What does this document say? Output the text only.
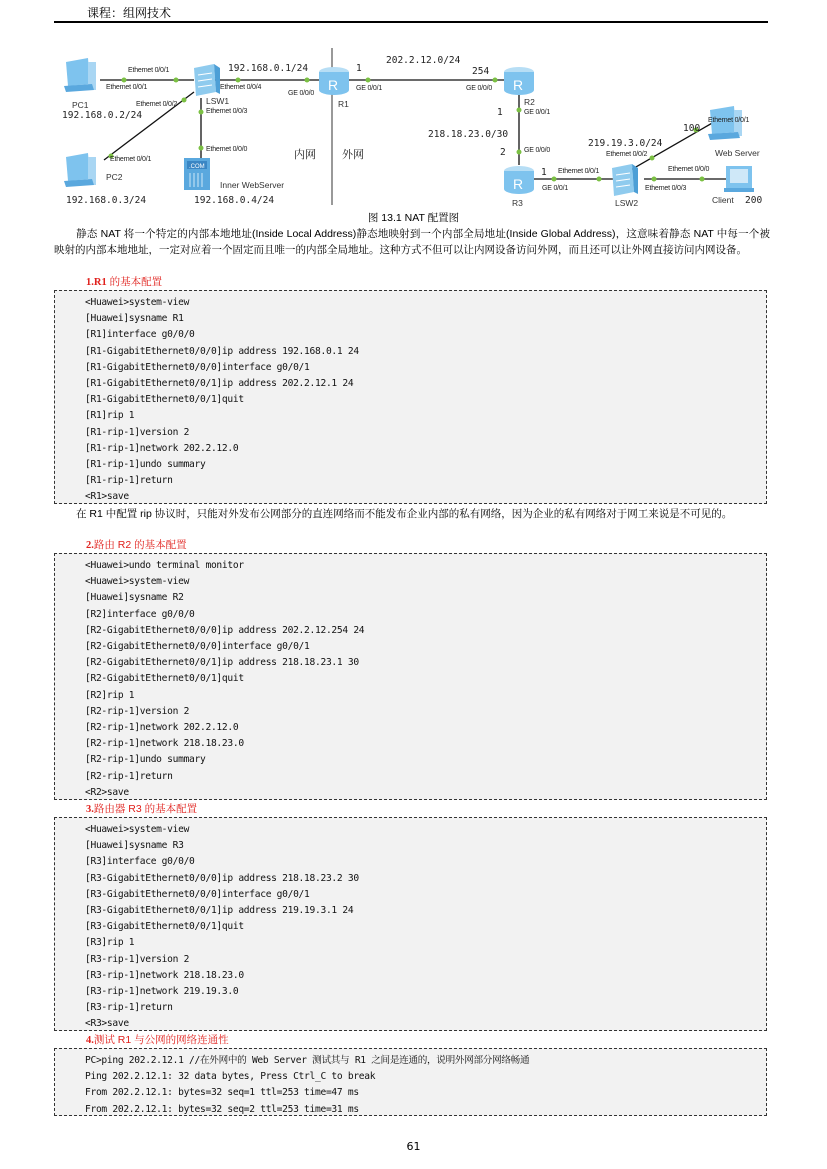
课程：组网技术
.COM
R	R
R
Ethernet 0/0/1
Ethernet 0/0/1
Ethernet 0/0/2
Ethernet 0/0/1
Ethernet 0/0/4
Ethernet 0/0/3
Ethernet 0/0/0
GE 0/0/0
GE 0/0/1	GE 0/0/0
GE 0/0/1
GE 0/0/0
GE 0/0/1
Ethernet 0/0/1
Ethernet 0/0/2
Ethernet 0/0/3
Ethernet 0/0/1
Ethernet 0/0/0
PC1
PC2
LSW1
Inner WebServer
R1	R2
R3	LSW2
Web Server
Client
192.168.0.2/24
192.168.0.3/24	192.168.0.4/24
192.168.0.1/24
202.2.12.0/24
1	254
1
218.18.23.0/30
2
1
219.19.3.0/24
100
200
内网 外网
图 13.1 NAT 配置图
静态 NAT 将一个特定的内部本地地址(Inside Local Address)静态地映射到一个内部全局地址(Inside Global Address)，这意味着静态 NAT 中每一个被映射的内部本地地址，一定对应着一个固定而且唯一的内部全局地址。这种方式不但可以让内网设备访问外网，而且还可以让外网直接访问内网设备。
1.R1 的基本配置
<Huawei>system-view
[Huawei]sysname R1
[R1]interface g0/0/0
[R1-GigabitEthernet0/0/0]ip address 192.168.0.1 24
[R1-GigabitEthernet0/0/0]interface g0/0/1
[R1-GigabitEthernet0/0/1]ip address 202.2.12.1 24
[R1-GigabitEthernet0/0/1]quit
[R1]rip 1
[R1-rip-1]version 2
[R1-rip-1]network 202.2.12.0
[R1-rip-1]undo summary
[R1-rip-1]return
<R1>save
在 R1 中配置 rip 协议时，只能对外发布公网部分的直连网络而不能发布企业内部的私有网络，因为企业的私有网络对于网工来说是不可见的。
2.路由 R2 的基本配置
<Huawei>undo terminal monitor
<Huawei>system-view
[Huawei]sysname R2
[R2]interface g0/0/0
[R2-GigabitEthernet0/0/0]ip address 202.2.12.254 24
[R2-GigabitEthernet0/0/0]interface g0/0/1
[R2-GigabitEthernet0/0/1]ip address 218.18.23.1 30
[R2-GigabitEthernet0/0/1]quit
[R2]rip 1
[R2-rip-1]version 2
[R2-rip-1]network 202.2.12.0
[R2-rip-1]network 218.18.23.0
[R2-rip-1]undo summary
[R2-rip-1]return
<R2>save
3.路由器 R3 的基本配置
<Huawei>system-view
[Huawei]sysname R3
[R3]interface g0/0/0
[R3-GigabitEthernet0/0/0]ip address 218.18.23.2 30
[R3-GigabitEthernet0/0/0]interface g0/0/1
[R3-GigabitEthernet0/0/1]ip address 219.19.3.1 24
[R3-GigabitEthernet0/0/1]quit
[R3]rip 1
[R3-rip-1]version 2
[R3-rip-1]network 218.18.23.0
[R3-rip-1]network 219.19.3.0
[R3-rip-1]return
<R3>save
4.测试 R1 与公网的网络连通性
PC>ping 202.2.12.1 //在外网中的 Web Server 测试其与 R1 之间是连通的，说明外网部分网络畅通
Ping 202.2.12.1: 32 data bytes, Press Ctrl_C to break
From 202.2.12.1: bytes=32 seq=1 ttl=253 time=47 ms
From 202.2.12.1: bytes=32 seq=2 ttl=253 time=31 ms
61
